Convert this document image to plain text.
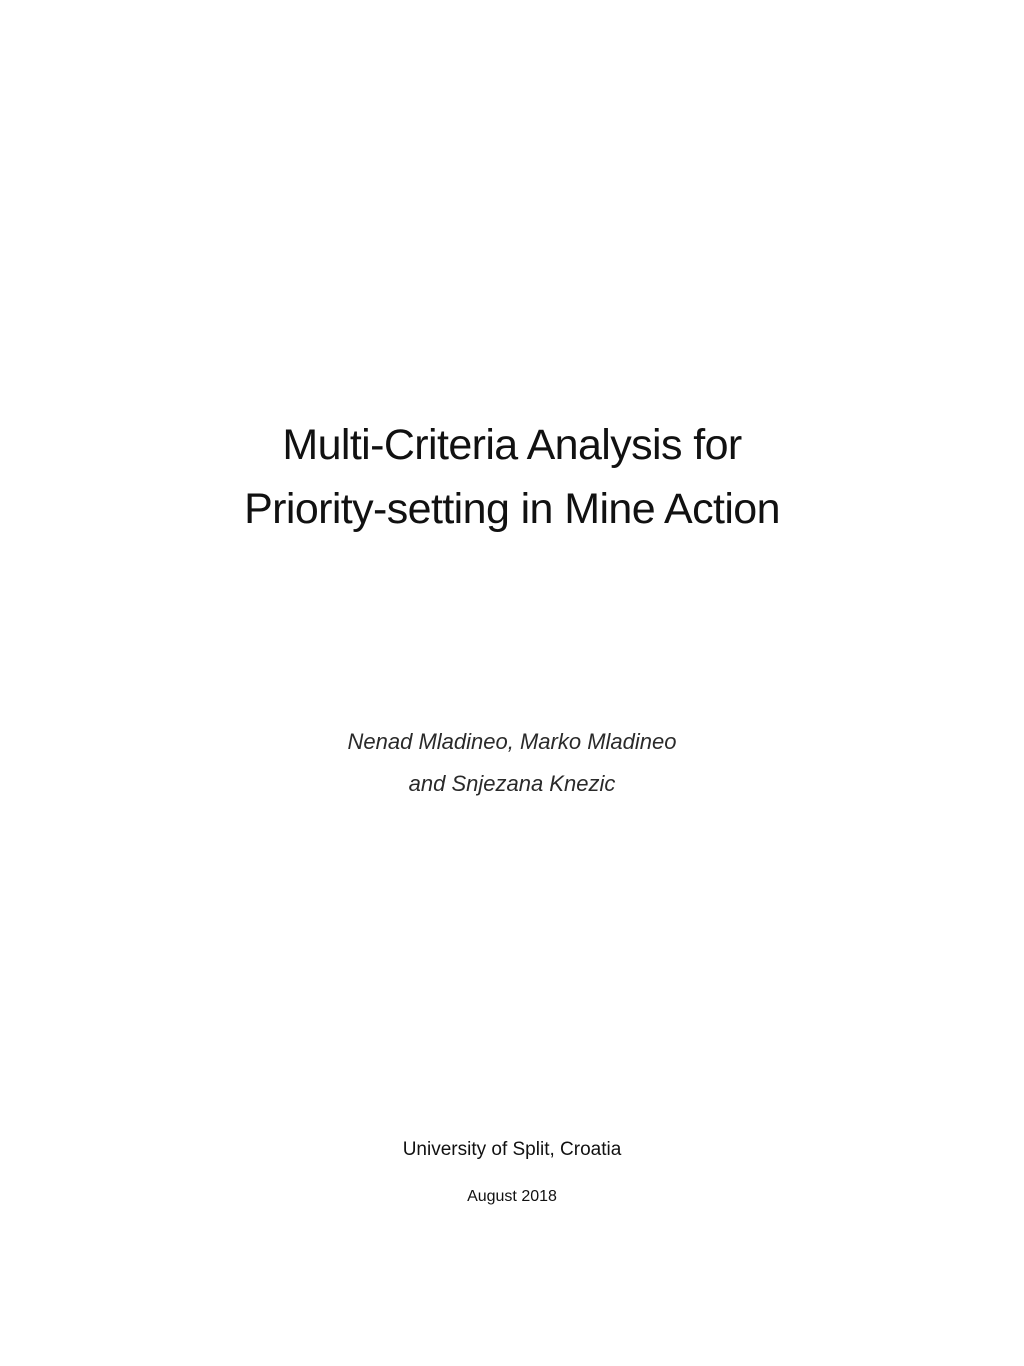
Multi-Criteria Analysis for
Priority-setting in Mine Action
Nenad Mladineo, Marko Mladineo
and Snjezana Knezic
University of Split, Croatia
August 2018
